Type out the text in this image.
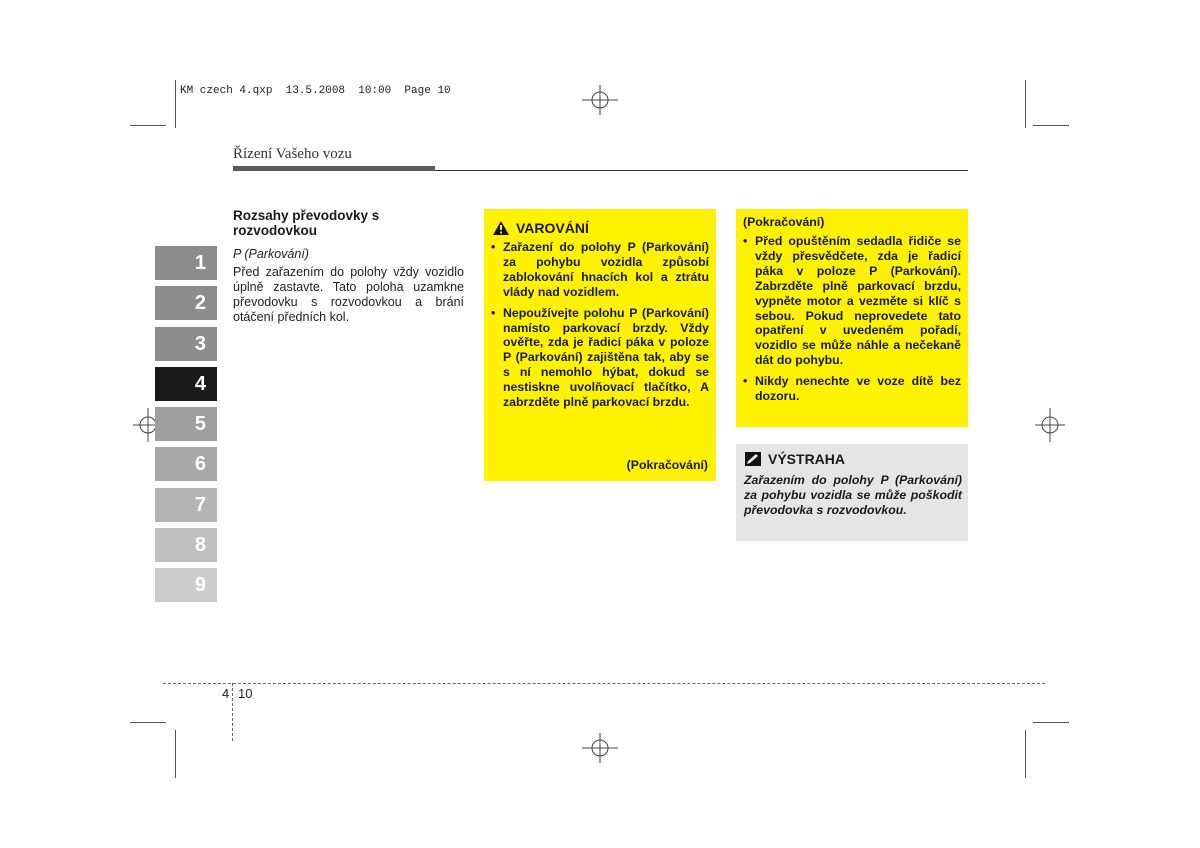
KM czech 4.qxp  13.5.2008  10:00  Page 10
Řízení Vašeho vozu
1
2
3
4
5
6
7
8
9
Rozsahy převodovky s rozvodovkou
P (Parkování)
Před zařazením do polohy vždy vozidlo úplně zastavte. Tato poloha uzamkne převodovku s rozvodovkou a brání otáčení předních kol.
VAROVÁNÍ
• Zařazení do polohy P (Parkování) za pohybu vozidla způsobí zablokování hnacích kol a ztrátu vlády nad vozidlem.
• Nepoužívejte polohu P (Parkování) namísto parkovací brzdy. Vždy ověřte, zda je řadicí páka v poloze P (Parkování) zajištěna tak, aby se s ní nemohlo hýbat, dokud se nestiskne uvolňovací tlačítko, A zabrzděte plně parkovací brzdu.
(Pokračování)
(Pokračování)
• Před opuštěním sedadla řidiče se vždy přesvědčete, zda je řadicí páka v poloze P (Parkování). Zabrzděte plně parkovací brzdu, vypněte motor a vezměte si klíč s sebou. Pokud neprovedete tato opatření v uvedeném pořadí, vozidlo se může náhle a nečekaně dát do pohybu.
• Nikdy nenechte ve voze dítě bez dozoru.
VÝSTRAHA
Zařazením do polohy P (Parkování) za pohybu vozidla se může poškodit převodovka s rozvodovkou.
4 10
